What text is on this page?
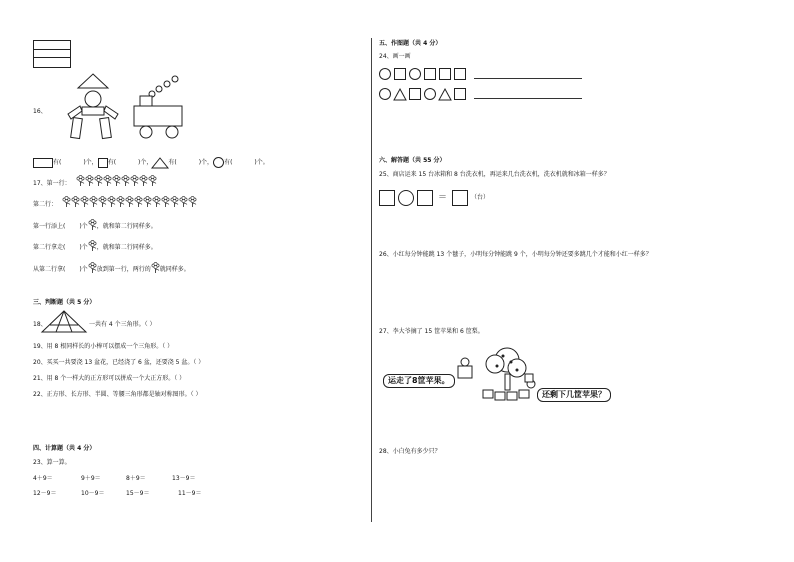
16、
有(	)个， 有(	)个，	有(	)个， 有(	)个。
17、第一行：
第二行：
第一行添上( )个 ，就和第二行同样多。
第二行拿走( )个 ，就和第二行同样多。
从第二行拿( )个 放到第一行，两行的 就同样多。
三、判断题（共 5 分）
18、	一共有 4 个三角形。（ ）
19、用 8 根同样长的小棒可以摆成一个三角形。（ ）
20、买买一共要浇 13 盆花，已经浇了 6 盆，还要浇 5 盆。（ ）
21、用 8 个一样大的正方形可以拼成一个大正方形。（ ）
22、正方形、长方形、半圆、等腰三角形都是轴对称图形。（ ）
四、计算题（共 4 分）
23、算一算。
4＋9＝	9＋9＝	8＋9＝	13－9＝
12－9＝	10－9＝	15－9＝	11－9＝
五、作图题（共 4 分）
24、画一画
六、解答题（共 55 分）
25、商店运来 15 台冰箱和 8 台洗衣机，再运来几台洗衣机，洗衣机就和冰箱一样多？
＝	（台）
26、小红每分钟能跳 13 个毽子，小明每分钟能跳 9 个，小明每分钟还要多跳几个才能和小红一样多？
27、李大爷摘了 15 筐苹果和 6 筐梨。
运走了8筐苹果。
还剩下几筐苹果？
28、小白兔有多少只？
